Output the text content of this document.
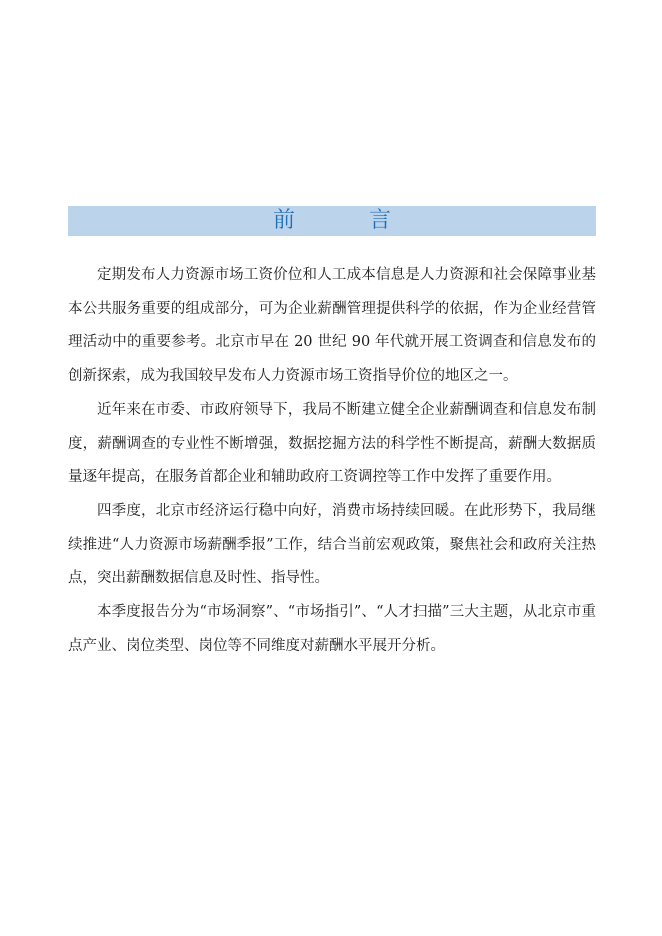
前　言

定期发布人力资源市场工资价位和人工成本信息是人力资源和社会保障事业基本公共服务重要的组成部分，可为企业薪酬管理提供科学的依据，作为企业经营管理活动中的重要参考。北京市早在 20 世纪 90 年代就开展工资调查和信息发布的创新探索，成为我国较早发布人力资源市场工资指导价位的地区之一。

近年来在市委、市政府领导下，我局不断建立健全企业薪酬调查和信息发布制度，薪酬调查的专业性不断增强，数据挖掘方法的科学性不断提高，薪酬大数据质量逐年提高，在服务首都企业和辅助政府工资调控等工作中发挥了重要作用。

四季度，北京市经济运行稳中向好，消费市场持续回暖。在此形势下，我局继续推进“人力资源市场薪酬季报”工作，结合当前宏观政策，聚焦社会和政府关注热点，突出薪酬数据信息及时性、指导性。

本季度报告分为“市场洞察”、“市场指引”、“人才扫描”三大主题，从北京市重点产业、岗位类型、岗位等不同维度对薪酬水平展开分析。
